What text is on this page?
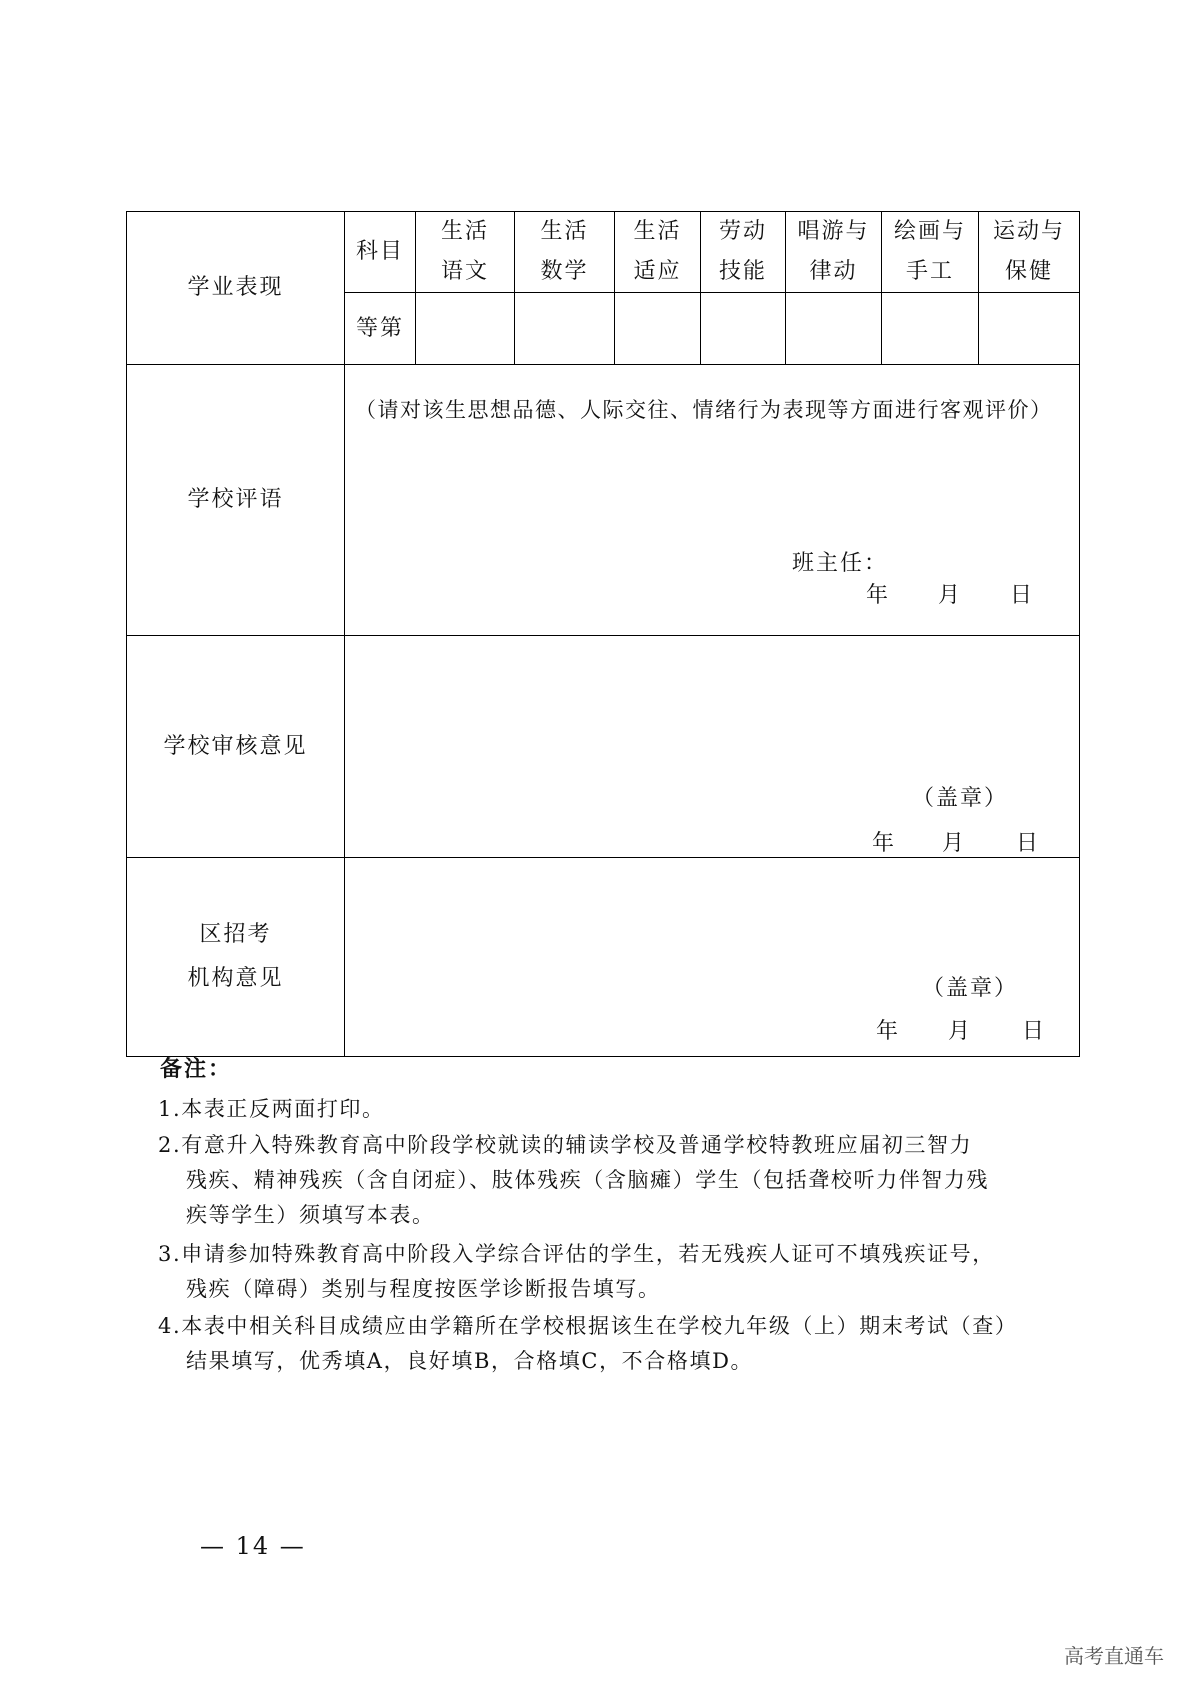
学业表现
科目
等第
生活
语文
生活
数学
生活
适应
劳动
技能
唱游与
律动
绘画与
手工
运动与
保健
学校评语
（请对该生思想品德、人际交往、情绪行为表现等方面进行客观评价）
班主任：
年 月 日
学校审核意见
（盖章）
年 月 日
区招考
机构意见	（盖章）
年 月 日
备注：
1.本表正反两面打印。
2.有意升入特殊教育高中阶段学校就读的辅读学校及普通学校特教班应届初三智力
残疾、精神残疾（含自闭症）、肢体残疾（含脑瘫）学生（包括聋校听力伴智力残
疾等学生）须填写本表。
3.申请参加特殊教育高中阶段入学综合评估的学生，若无残疾人证可不填残疾证号，
残疾（障碍）类别与程度按医学诊断报告填写。
4.本表中相关科目成绩应由学籍所在学校根据该生在学校九年级（上）期末考试（查）
结果填写，优秀填A，良好填B，合格填C，不合格填D。
— 14 —
高考直通车
